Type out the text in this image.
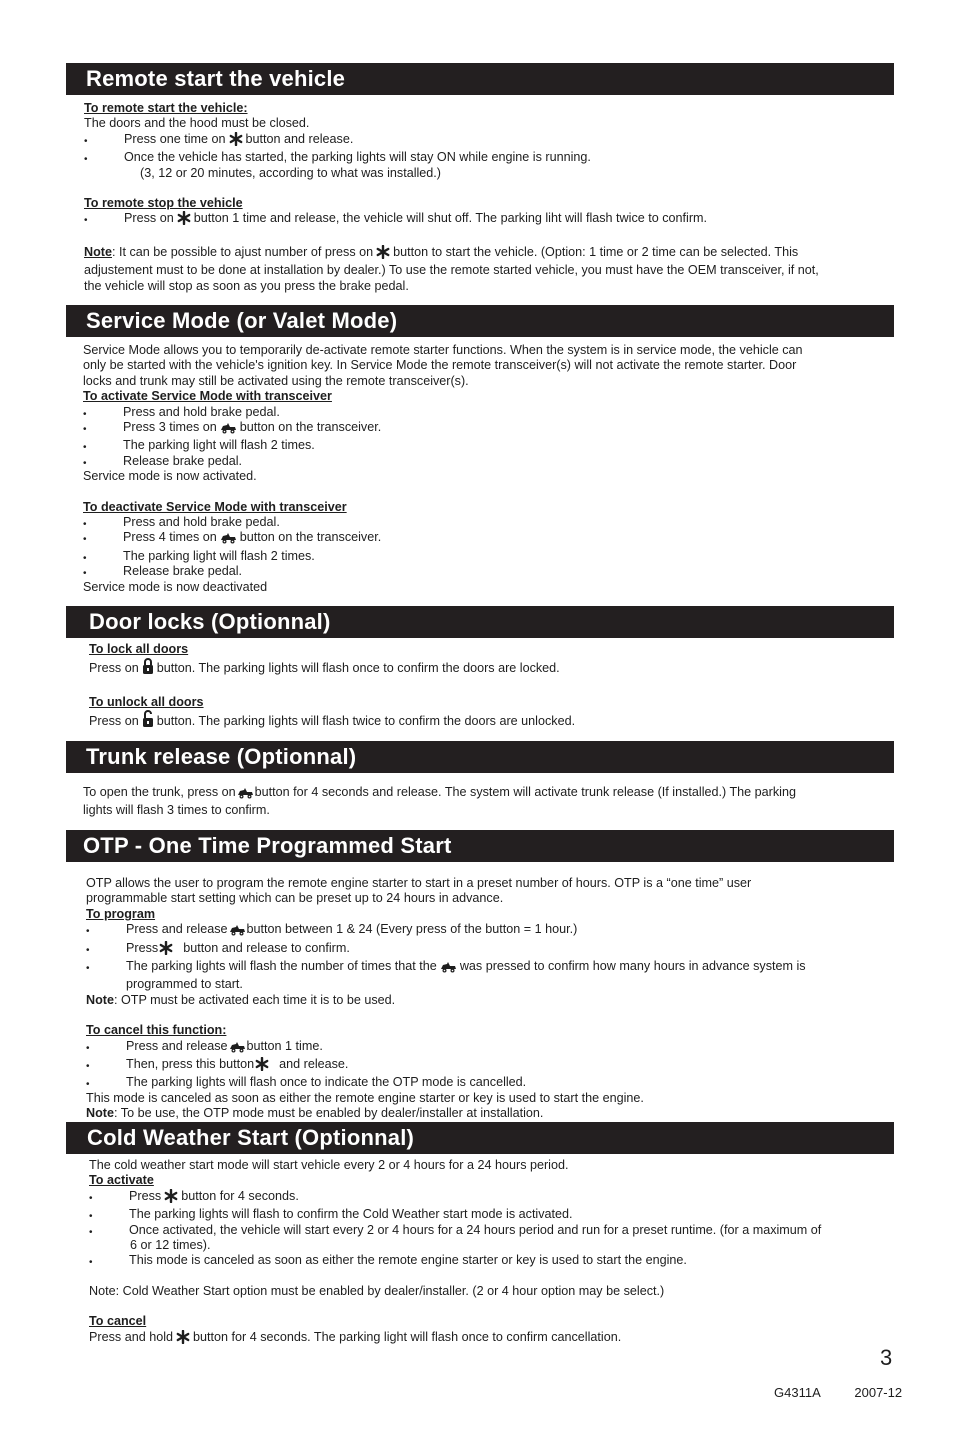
Remote start the vehicle

To remote start the vehicle:

The doors and the hood must be closed.

• Press one time on button and release.
• Once the vehicle has started, the parking lights will stay ON while engine is running.

(3, 12 or 20 minutes, according to what was installed.)

To remote stop the vehicle

• Press on button 1 time and release, the vehicle will shut off. The parking liht will flash twice to confirm.

Note: It can be possible to ajust number of press on button to start the vehicle. (Option: 1 time or 2 time can be selected. This

adjustement must to be done at installation by dealer.) To use the remote started vehicle, you must have the OEM transceiver, if not,

the vehicle will stop as soon as you press the brake pedal.

Service Mode (or Valet Mode)

Service Mode allows you to temporarily de-activate remote starter functions. When the system is in service mode, the vehicle can

only be started with the vehicle's ignition key. In Service Mode the remote transceiver(s) will not activate the remote starter. Door

locks and trunk may still be activated using the remote transceiver(s).

To activate Service Mode with transceiver

• Press and hold brake pedal.
• Press 3 times on button on the transceiver.
• The parking light will flash 2 times.
• Release brake pedal.

Service mode is now activated.

To deactivate Service Mode with transceiver

• Press and hold brake pedal.
• Press 4 times on button on the transceiver.
• The parking light will flash 2 times.
• Release brake pedal.

Service mode is now deactivated

Door locks (Optionnal)

To lock all doors

Press on button. The parking lights will flash once to confirm the doors are locked.

To unlock all doors

Press on button. The parking lights will flash twice to confirm the doors are unlocked.

Trunk release (Optionnal)

To open the trunk, press on button for 4 seconds and release. The system will activate trunk release (If installed.) The parking

lights will flash 3 times to confirm.

OTP - One Time Programmed Start

OTP allows the user to program the remote engine starter to start in a preset number of hours. OTP is a “one time” user

programmable start setting which can be preset up to 24 hours in advance.

To program

• Press and release button between 1 & 24 (Every press of the button = 1 hour.)
• Press button and release to confirm.
• The parking lights will flash the number of times that the was pressed to confirm how many hours in advance system is

programmed to start.

Note: OTP must be activated each time it is to be used.

To cancel this function:

• Press and release button 1 time.
• Then, press this button and release.
• The parking lights will flash once to indicate the OTP mode is cancelled.

This mode is canceled as soon as either the remote engine starter or key is used to start the engine.

Note: To be use, the OTP mode must be enabled by dealer/installer at installation.

Cold Weather Start (Optionnal)

The cold weather start mode will start vehicle every 2 or 4 hours for a 24 hours period.

To activate

• Press button for 4 seconds.
• The parking lights will flash to confirm the Cold Weather start mode is activated.
• Once activated, the vehicle will start every 2 or 4 hours for a 24 hours period and run for a preset runtime. (for a maximum of

6 or 12 times).

• This mode is canceled as soon as either the remote engine starter or key is used to start the engine.

Note: Cold Weather Start option must be enabled by dealer/installer. (2 or 4 hour option may be select.)

To cancel

Press and hold button for 4 seconds. The parking light will flash once to confirm cancellation.

3
G4311A	2007-12
